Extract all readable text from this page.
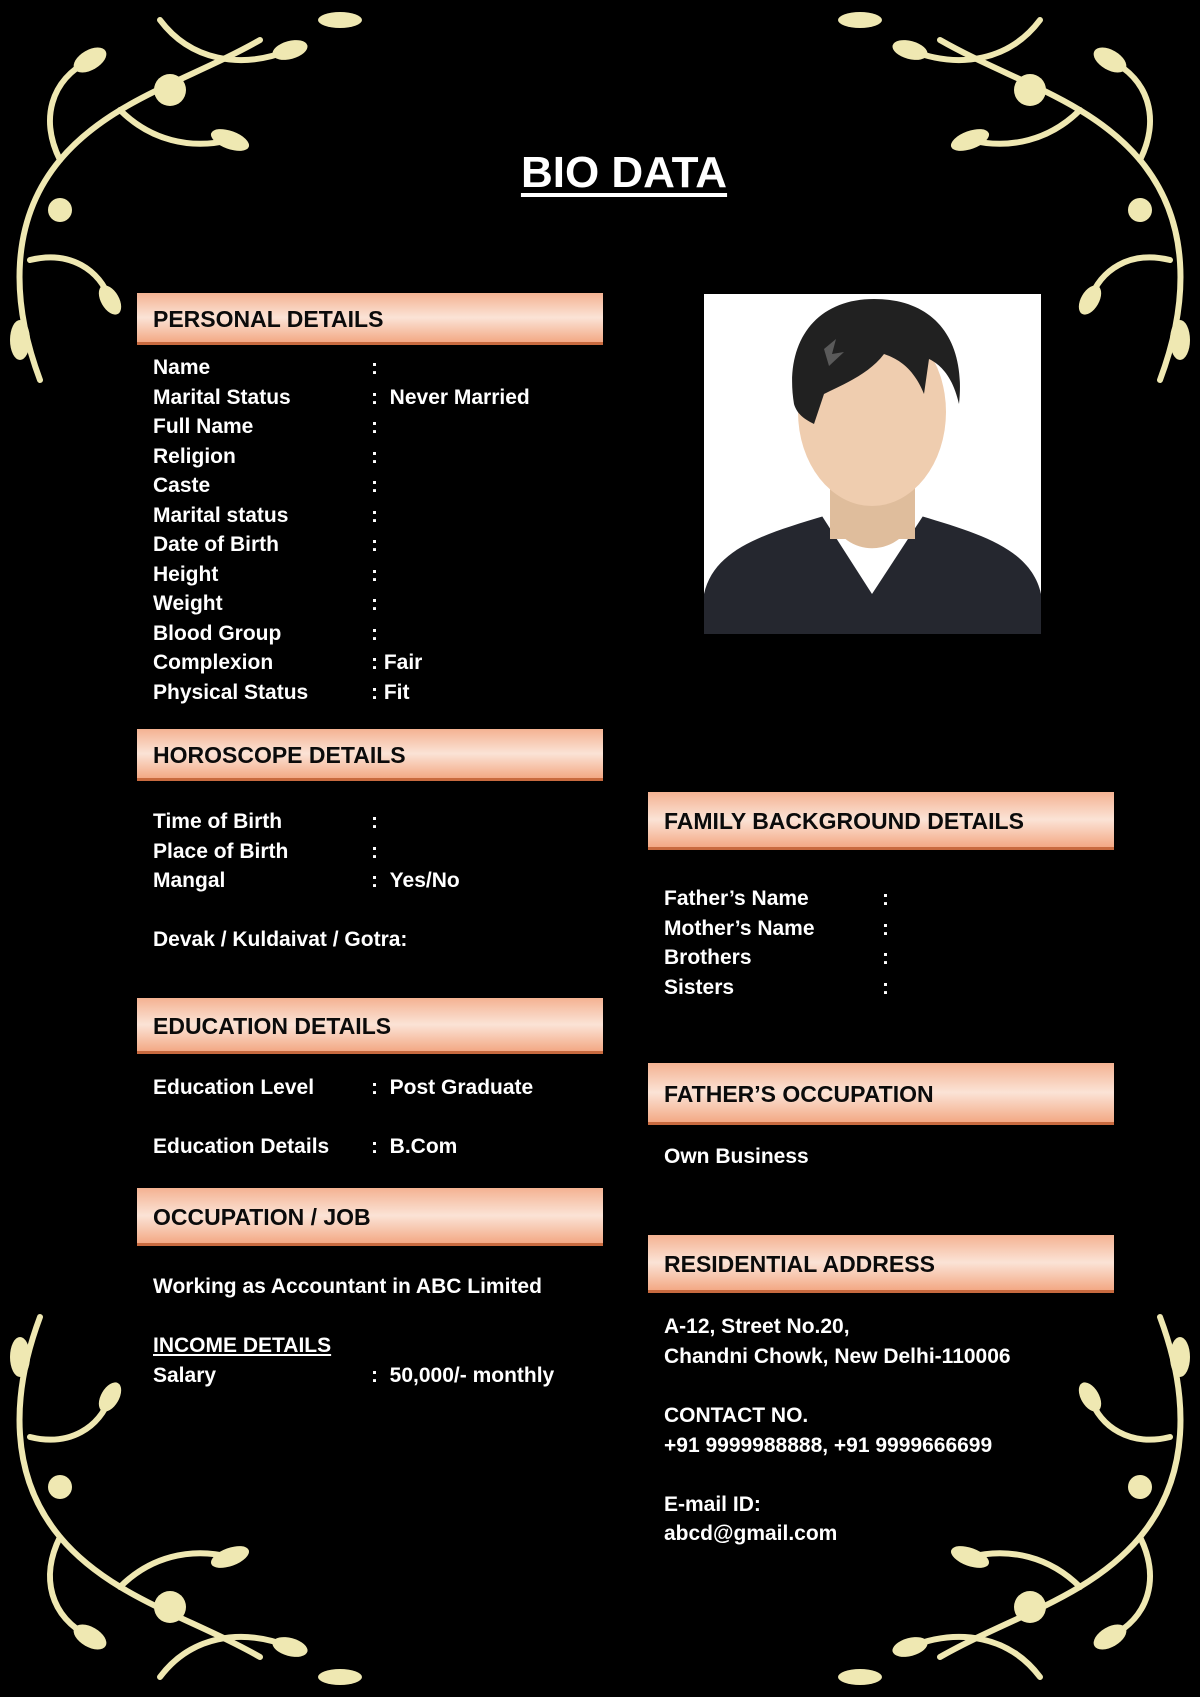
BIO DATA
PERSONAL DETAILS
Name	:
Marital Status	: Never Married
Full Name	:
Religion	:
Caste	:
Marital status	:
Date of Birth	:
Height	:
Weight	:
Blood Group	:
Complexion	: Fair
Physical Status	: Fit
HOROSCOPE DETAILS
Time of Birth	:
Place of Birth	:
Mangal	: Yes/No
Devak / Kuldaivat / Gotra:
FAMILY BACKGROUND DETAILS
Father’s Name	:
Mother’s Name	:
Brothers	:
Sisters	:
EDUCATION DETAILS
Education Level	: Post Graduate
Education Details : B.Com
FATHER’S OCCUPATION
Own Business
OCCUPATION / JOB
Working as Accountant in ABC Limited
INCOME DETAILS
Salary	: 50,000/- monthly
RESIDENTIAL ADDRESS
A-12, Street No.20,
Chandni Chowk, New Delhi-110006
CONTACT NO.
+91 9999988888, +91 9999666699
E-mail ID:
abcd@gmail.com
